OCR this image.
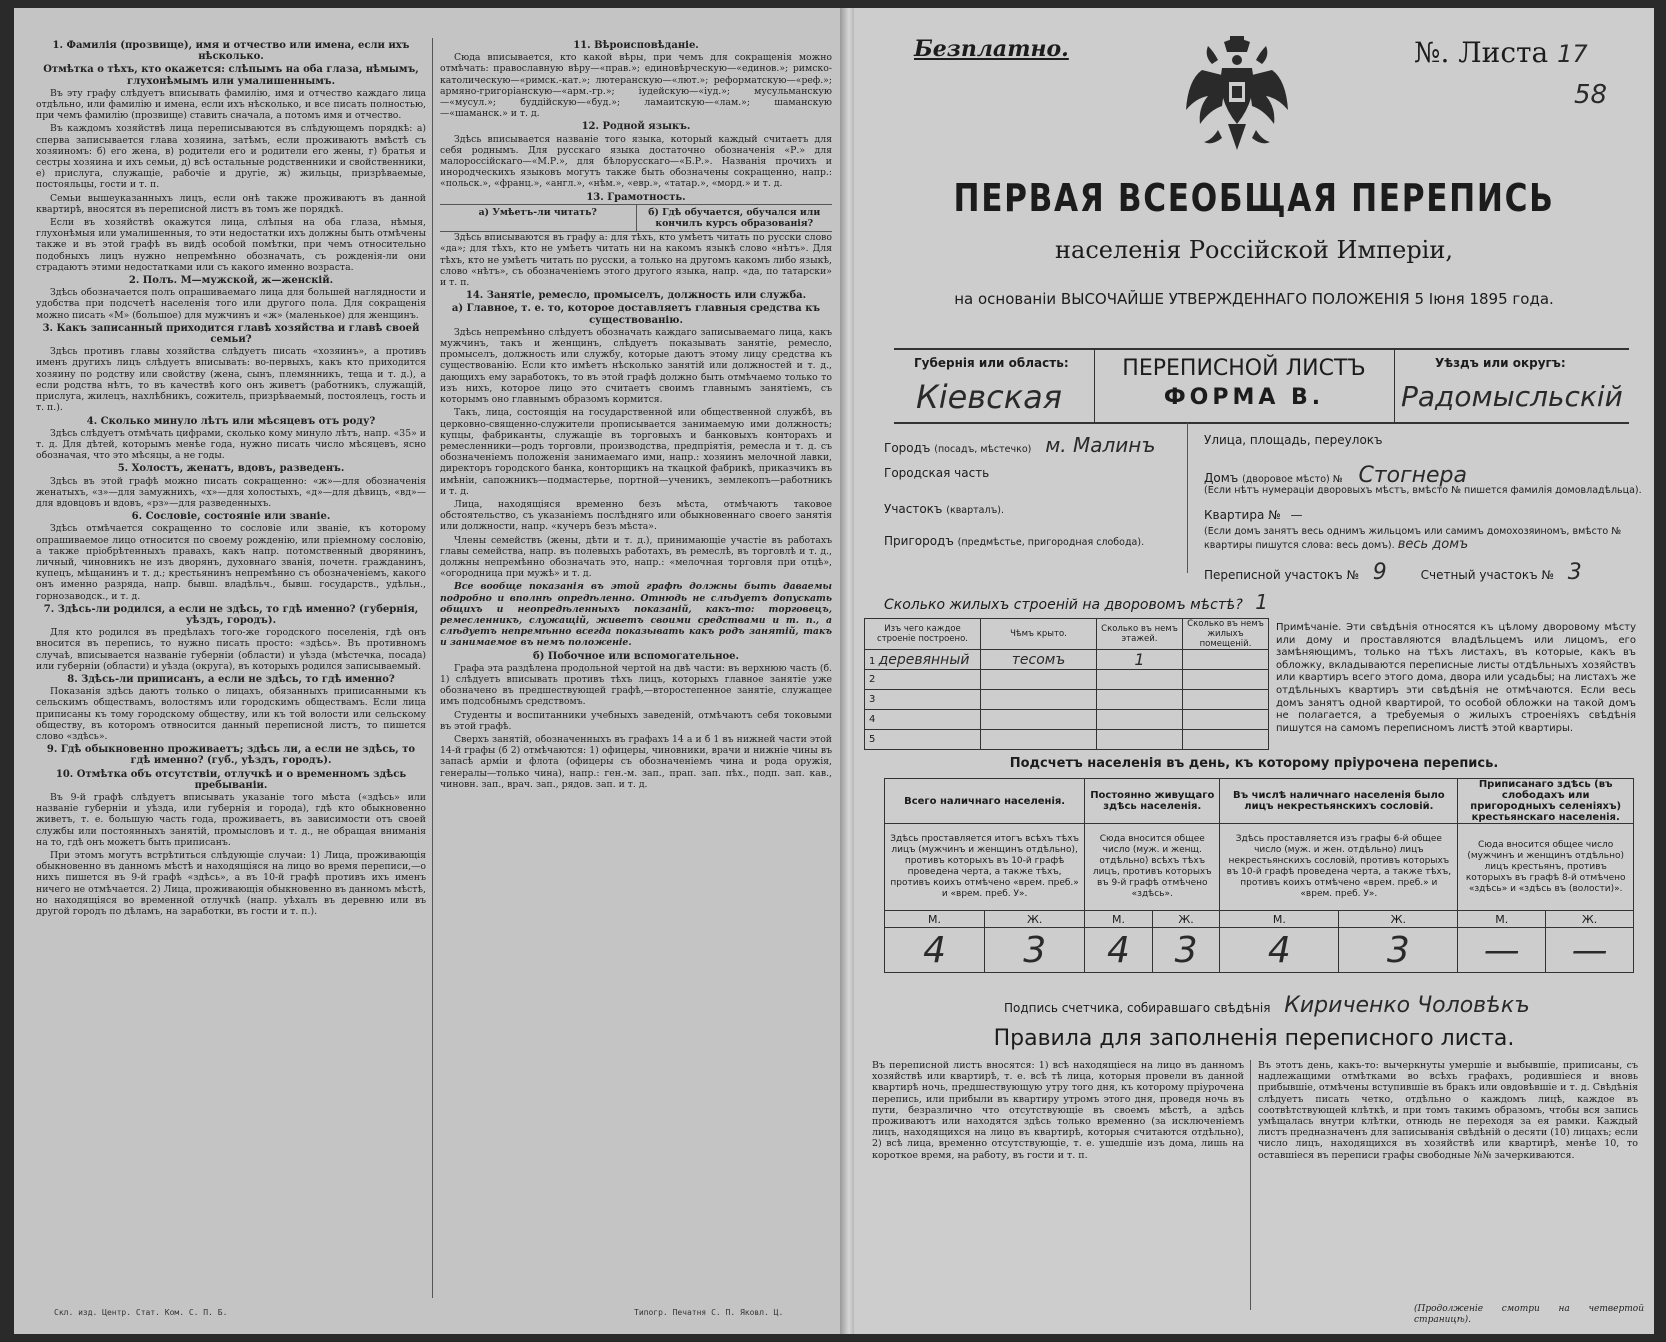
1. Фамилія (прозвище), имя и отчество или имена, если ихъ нѣсколько.
Отмѣтка о тѣхъ, кто окажется: слѣпымъ на оба глаза, нѣмымъ, глухонѣмымъ или умалишеннымъ.

Въ эту графу слѣдуетъ вписывать фамилію, имя и отчество каждаго лица отдѣльно, или фамилію и имена, если ихъ нѣсколько, и все писать полностью, при чемъ фамилію (прозвище) ставить сначала, а потомъ имя и отчество.

Въ каждомъ хозяйствѣ лица переписываются въ слѣдующемъ порядкѣ: а) сперва записывается глава хозяина, затѣмъ, если проживаютъ вмѣстѣ съ хозяиномъ: б) его жена, в) родители его и родители его жены, г) братья и сестры хозяина и ихъ семьи, д) всѣ остальные родственники и свойственники, е) прислуга, служащіе, рабочіе и другіе, ж) жильцы, призрѣваемые, постояльцы, гости и т. п.

Семьи вышеуказанныхъ лицъ, если онѣ также проживаютъ въ данной квартирѣ, вносятся въ переписной листъ въ томъ же порядкѣ.

Если въ хозяйствѣ окажутся лица, слѣпыя на оба глаза, нѣмыя, глухонѣмыя или умалишенныя, то эти недостатки ихъ должны быть отмѣчены также и въ этой графѣ въ видѣ особой помѣтки, при чемъ относительно подобныхъ лицъ нужно непремѣнно обозначать, съ рожденія-ли они страдаютъ этими недостатками или съ какого именно возраста.

2. Полъ. М—мужской, ж—женскій.

Здѣсь обозначается полъ опрашиваемаго лица для большей наглядности и удобства при подсчетѣ населенія того или другого пола. Для сокращенія можно писать «М» (большое) для мужчинъ и «ж» (маленькое) для женщинъ.

3. Какъ записанный приходится главѣ хозяйства и главѣ своей семьи?

Здѣсь противъ главы хозяйства слѣдуетъ писать «хозяинъ», а противъ именъ другихъ лицъ слѣдуетъ вписывать: во-первыхъ, какъ кто приходится хозяину по родству или свойству (жена, сынъ, племянникъ, теща и т. д.), а если родства нѣтъ, то въ качествѣ кого онъ живетъ (работникъ, служащій, прислуга, жилецъ, нахлѣбникъ, сожитель, призрѣваемый, постоялецъ, гость и т. п.).

4. Сколько минуло лѣтъ или мѣсяцевъ отъ роду?

Здѣсь слѣдуетъ отмѣчать цифрами, сколько кому минуло лѣтъ, напр. «35» и т. д. Для дѣтей, которымъ менѣе года, нужно писать число мѣсяцевъ, ясно обозначая, что это мѣсяцы, а не годы.

5. Холостъ, женатъ, вдовъ, разведенъ.

Здѣсь въ этой графѣ можно писать сокращенно: «ж»—для обозначенія женатыхъ, «з»—для замужнихъ, «х»—для холостыхъ, «д»—для дѣвицъ, «вд»—для вдовцовъ и вдовъ, «рз»—для разведенныхъ.

6. Сословіе, состояніе или званіе.

Здѣсь отмѣчается сокращенно то сословіе или званіе, къ которому опрашиваемое лицо относится по своему рожденію, или пріемному сословію, а также пріобрѣтенныхъ правахъ, какъ напр. потомственный дворянинъ, личный, чиновникъ не изъ дворянъ, духовнаго званія, почетн. гражданинъ, купецъ, мѣщанинъ и т. д.; крестьянинъ непремѣнно съ обозначеніемъ, какого онъ именно разряда, напр. бывш. владѣльч., бывш. государств., удѣльн., горнозаводск., и т. д.

7. Здѣсь-ли родился, а если не здѣсь, то гдѣ именно? (губернія, уѣздъ, городъ).

Для кто родился въ предѣлахъ того-же городского поселенія, гдѣ онъ вносится въ перепись, то нужно писать просто: «здѣсь». Въ противномъ случаѣ, вписывается названіе губерніи (области) и уѣзда (мѣстечка, посада) или губерніи (области) и уѣзда (округа), въ которыхъ родился записываемый.

8. Здѣсь-ли приписанъ, а если не здѣсь, то гдѣ именно?

Показанія здѣсь даютъ только о лицахъ, обязанныхъ приписанными къ сельскимъ обществамъ, волостямъ или городскимъ обществамъ. Если лица приписаны къ тому городскому обществу, или къ той волости или сельскому обществу, въ которомъ отвносится данный переписной листъ, то пишется слово «здѣсь».

9. Гдѣ обыкновенно проживаетъ; здѣсь ли, а если не здѣсь, то гдѣ именно? (губ., уѣздъ, городъ).
10. Отмѣтка объ отсутствіи, отлучкѣ и о временномъ здѣсь пребываніи.

Въ 9-й графѣ слѣдуетъ вписывать указаніе того мѣста («здѣсь» или названіе губерніи и уѣзда, или губернія и города), гдѣ кто обыкновенно живетъ, т. е. большую часть года, проживаетъ, въ зависимости отъ своей службы или постоянныхъ занятій, промысловъ и т. д., не обращая вниманія на то, гдѣ онъ можетъ быть приписанъ.

При этомъ могутъ встрѣтиться слѣдующіе случаи: 1) Лица, проживающія обыкновенно въ данномъ мѣстѣ и находящіяся на лицо во время переписи,—о нихъ пишется въ 9-й графѣ «здѣсь», а въ 10-й графѣ противъ ихъ именъ ничего не отмѣчается. 2) Лица, проживающія обыкновенно въ данномъ мѣстѣ, но находящіяся во временной отлучкѣ (напр. уѣхалъ въ деревню или въ другой городъ по дѣламъ, на заработки, въ гости и т. п.).

Скл. изд. Центр. Стат. Ком. С. П. Б.
11. Вѣроисповѣданіе.

Сюда вписывается, кто какой вѣры, при чемъ для сокращенія можно отмѣчать: православную вѣру—«прав.»; единовѣрческую—«единов.»; римско-католическую—«римск.-кат.»; лютеранскую—«лют.»; реформатскую—«реф.»; армяно-григоріанскую—«арм.-гр.»; іудейскую—«іуд.»; мусульманскую—«мусул.»; буддійскую—«буд.»; ламаитскую—«лам.»; шаманскую—«шаманск.» и т. д.

12. Родной языкъ.

Здѣсь вписывается названіе того языка, который каждый считаетъ для себя роднымъ. Для русскаго языка достаточно обозначенія «Р.» для малороссійскаго—«М.Р.», для бѣлорусскаго—«Б.Р.». Названія прочихъ и инородческихъ языковъ могутъ также быть обозначены сокращенно, напр.: «польск.», «франц.», «англ.», «нѣм.», «евр.», «татар.», «морд.» и т. д.

13. Грамотность.
а) Умѣетъ-ли читать?	б) Гдѣ обучается, обучался или кончилъ курсъ образованія?

Здѣсь вписываются въ графу а: для тѣхъ, кто умѣетъ читать по русски слово «да»; для тѣхъ, кто не умѣетъ читать ни на какомъ языкѣ слово «нѣтъ». Для тѣхъ, кто не умѣетъ читать по русски, а только на другомъ какомъ либо языкѣ, слово «нѣтъ», съ обозначеніемъ этого другого языка, напр. «да, по татарски» и т. п.

14. Занятіе, ремесло, промыселъ, должность или служба.
а) Главное, т. е. то, которое доставляетъ главныя средства къ существованію.

Здѣсь непремѣнно слѣдуетъ обозначать каждаго записываемаго лица, какъ мужчинъ, такъ и женщинъ, слѣдуетъ показывать занятіе, ремесло, промыселъ, должность или службу, которые даютъ этому лицу средства къ существованію. Если кто имѣетъ нѣсколько занятій или должностей и т. д., дающихъ ему заработокъ, то въ этой графѣ должно быть отмѣчаемо только то изъ нихъ, которое лицо это считаетъ своимъ главнымъ занятіемъ, съ которымъ оно главнымъ образомъ кормится.

Такъ, лица, состоящія на государственной или общественной службѣ, въ церковно-священно-служители прописывается занимаемую ими должность; купцы, фабриканты, служащіе въ торговыхъ и банковыхъ конторахъ и ремесленники—родъ торговли, производства, предпріятія, ремесла и т. д. съ обозначеніемъ положенія занимаемаго ими, напр.: хозяинъ мелочной лавки, директоръ городского банка, конторщикъ на ткацкой фабрикѣ, приказчикъ въ имѣніи, сапожникъ—подмастерье, портной—ученикъ, землекопъ—работникъ и т. д.

Лица, находящіяся временно безъ мѣста, отмѣчаютъ таковое обстоятельство, съ указаніемъ послѣдняго или обыкновеннаго своего занятія или должности, напр. «кучеръ безъ мѣста».

Члены семействъ (жены, дѣти и т. д.), принимающіе участіе въ работахъ главы семейства, напр. въ полевыхъ работахъ, въ ремеслѣ, въ торговлѣ и т. д., должны непремѣнно обозначать это, напр.: «мелочная торговля при отцѣ», «огородница при мужѣ» и т. д.

Все вообще показанія въ этой графѣ должны быть даваемы подробно и вполнѣ опредѣленно. Отнюдь не слѣдуетъ допускать общихъ и неопредѣленныхъ показаній, какъ-то: торговецъ, ремесленникъ, служащій, живетъ своими средствами и т. п., а слѣдуетъ непремѣнно всегда показывать какъ родъ занятій, такъ и занимаемое въ немъ положеніе.

б) Побочное или вспомогательное.

Графа эта раздѣлена продольной чертой на двѣ части: въ верхнюю часть (б. 1) слѣдуетъ вписывать противъ тѣхъ лицъ, которыхъ главное занятіе уже обозначено въ предшествующей графѣ,—второстепенное занятіе, служащее имъ подсобнымъ средствомъ.

Студенты и воспитанники учебныхъ заведеній, отмѣчаютъ себя токовыми въ этой графѣ.

Сверхъ занятій, обозначенныхъ въ графахъ 14 а и б 1 въ нижней части этой 14-й графы (б 2) отмѣчаются: 1) офицеры, чиновники, врачи и нижніе чины въ запасѣ армiи и флота (офицеры съ обозначеніемъ чина и рода оружія, генералы—только чина), напр.: ген.-м. зап., прап. зап. пѣх., подп. зап. кав., чиновн. зап., врач. зап., рядов. зап. и т. д.

Типогр. Печатня С. П. Яковл. Ц.
Безплатно.	№. Листа 17
58
ПЕРВАЯ ВСЕОБЩАЯ ПЕРЕПИСЬ
населенія Россійской Имперіи,
на основаніи ВЫСОЧАЙШЕ УТВЕРЖДЕННАГО ПОЛОЖЕНІЯ 5 Іюня 1895 года.
Губернія или область:
Кіевская
ПЕРЕПИСНОЙ ЛИСТЪ
ФОРМА В.
Уѣздъ или округъ:
Радомысльскій
Городъ (посадъ, мѣстечко) м. Малинъ
Городская часть
Участокъ (кварталъ).
Пригородъ (предмѣстье, пригородная слобода).
Улица, площадь, переулокъ
Домъ (дворовое мѣсто) № Стогнера
(Если нѣтъ нумераціи дворовыхъ мѣстъ, вмѣсто № пишется фамилія домовладѣльца).
Квартира № —
(Если домъ занятъ весь однимъ жильцомъ или самимъ домохозяиномъ, вмѣсто № квартиры пишутся слова: весь домъ). весь домъ
Переписной участокъ № 9	Счетный участокъ № 3
Сколько жилыхъ строеній на дворовомъ мѣстѣ? 1
Изъ чего каждое строеніе построено.	Чѣмъ крыто.	Сколько въ немъ этажей.	Сколько въ немъ жилыхъ помещеній.
1 деревянный	тесомъ	1	
2			
3			
4			
5			
Примѣчаніе. Эти свѣдѣнія относятся къ цѣлому дворовому мѣсту или дому и проставляются владѣльцемъ или лицомъ, его замѣняющимъ, только на тѣхъ листахъ, въ которые, какъ въ обложку, вкладываются переписные листы отдѣльныхъ хозяйствъ или квартиръ всего этого дома, двора или усадьбы; на листахъ же отдѣльныхъ квартиръ эти свѣдѣнія не отмѣчаются. Если весь домъ занятъ одной квартирой, то особой обложки на такой домъ не полагается, а требуемыя о жилыхъ строеніяхъ свѣдѣнія пишутся на самомъ переписномъ листѣ этой квартиры.
Подсчетъ населенія въ день, къ которому пріурочена перепись.
Всего наличнаго населенія.		Постоянно живущаго здѣсь населенія.		Въ числѣ наличнаго населенія было лицъ некрестьянскихъ сословій.		Приписанаго здѣсь (въ слободахъ или пригородныхъ селеніяхъ) крестьянскаго населенія.	
Здѣсь проставляется итогъ всѣхъ тѣхъ лицъ (мужчинъ и женщинъ отдѣльно), противъ которыхъ въ 10-й графѣ проведена черта, а также тѣхъ, противъ коихъ отмѣчено «врем. преб.» и «врем. преб. У».		Сюда вносится общее число (муж. и женщ. отдѣльно) всѣхъ тѣхъ лицъ, противъ которыхъ въ 9-й графѣ отмѣчено «здѣсь».		Здѣсь проставляется изъ графы 6-й общее число (муж. и жен. отдѣльно) лицъ некрестьянскихъ сословій, противъ которыхъ въ 10-й графѣ проведена черта, а также тѣхъ, противъ коихъ отмѣчено «врем. преб.» и «врем. преб. У».		Сюда вносится общее число (мужчинъ и женщинъ отдѣльно) лицъ крестьянъ, противъ которыхъ въ графѣ 8-й отмѣчено «здѣсь» и «здѣсь въ (волости)».	
М.	Ж.	М.	Ж.	М.	Ж.	М.	Ж.
4	3	4	3	4	3	—	—
Подпись счетчика, собиравшаго свѣдѣнія Кириченко Чоловѣкъ
Правила для заполненія переписного листа.
Въ переписной листъ вносятся: 1) всѣ находящіеся на лицо въ данномъ хозяйствѣ или квартирѣ, т. е. всѣ тѣ лица, которыя провели въ данной квартирѣ ночь, предшествующую утру того дня, къ которому пріурочена перепись, или прибыли въ квартиру утромъ этого дня, проведя ночь въ пути, безразлично что отсутствующіе въ своемъ мѣстѣ, а здѣсь проживаютъ или находятся здѣсь только временно (за исключеніемъ лицъ, находящихся на лицо въ квартирѣ, которыя считаются отдѣльно), 2) всѣ лица, временно отсутствующіе, т. е. ушедшіе изъ дома, лишь на короткое время, на работу, въ гости и т. п.
Въ этотъ день, какъ-то: вычеркнуты умершіе и выбывшіе, приписаны, съ надлежащими отмѣтками во всѣхъ графахъ, родившіеся и вновь прибывшіе, отмѣчены вступившіе въ бракъ или овдовѣвшіе и т. д. Свѣдѣнія слѣдуетъ писать четко, отдѣльно о каждомъ лицѣ, каждое въ соотвѣтствующей клѣткѣ, и при томъ такимъ образомъ, чтобы вся запись умѣщалась внутри клѣтки, отнюдь не переходя за ея рамки. Каждый листъ предназначенъ для записыванія свѣдѣній о десяти (10) лицахъ; если число лицъ, находящихся въ хозяйствѣ или квартирѣ, менѣе 10, то оставшіеся въ переписи графы свободные №№ зачеркиваются.
(Продолженіе смотри на четвертой страницѣ).
